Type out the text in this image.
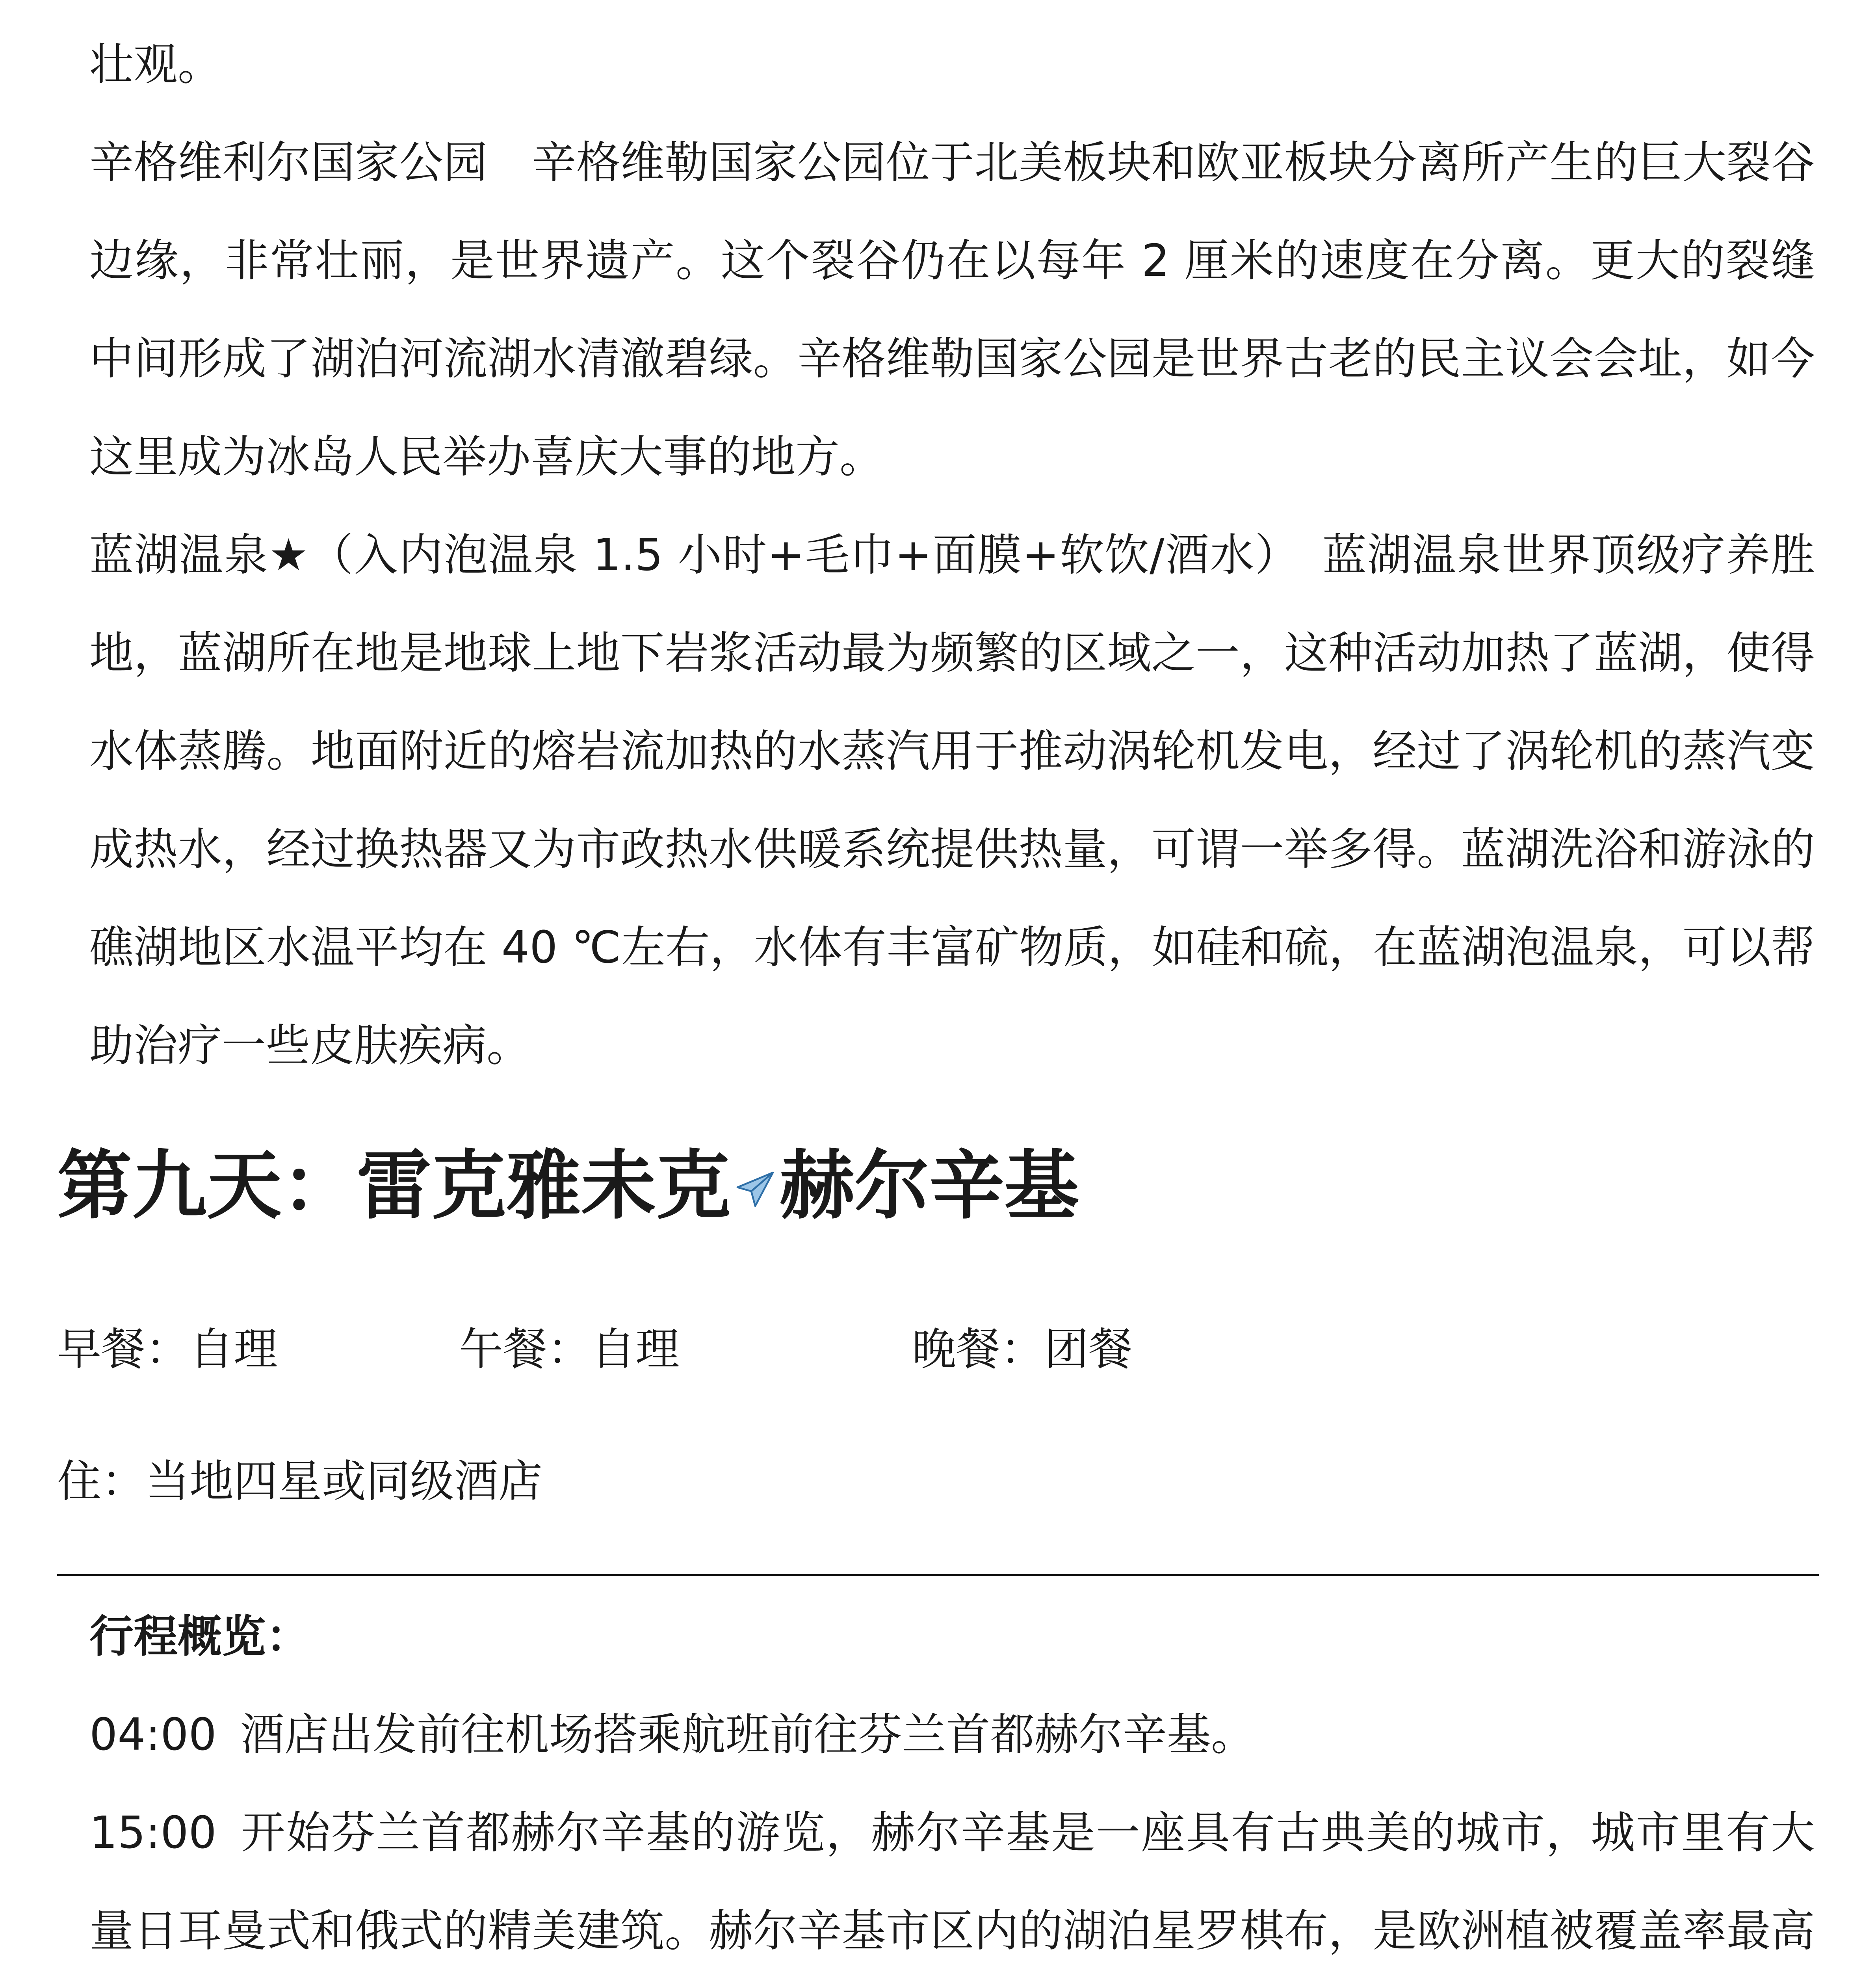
壮观。

辛格维利尔国家公园　辛格维勒国家公园位于北美板块和欧亚板块分离所产生的巨大裂谷边缘，非常壮丽，是世界遗产。这个裂谷仍在以每年 2 厘米的速度在分离。更大的裂缝中间形成了湖泊河流湖水清澈碧绿。辛格维勒国家公园是世界古老的民主议会会址，如今这里成为冰岛人民举办喜庆大事的地方。

蓝湖温泉★（入内泡温泉 1.5 小时+毛巾+面膜+软饮/酒水）　蓝湖温泉世界顶级疗养胜地，蓝湖所在地是地球上地下岩浆活动最为频繁的区域之一，这种活动加热了蓝湖，使得水体蒸腾。地面附近的熔岩流加热的水蒸汽用于推动涡轮机发电，经过了涡轮机的蒸汽变成热水，经过换热器又为市政热水供暖系统提供热量，可谓一举多得。蓝湖洗浴和游泳的礁湖地区水温平均在 40 ℃左右，水体有丰富矿物质，如硅和硫，在蓝湖泡温泉，可以帮助治疗一些皮肤疾病。

第九天：雷克雅未克 赫尔辛基
早餐：自理	午餐：自理	晚餐：团餐
住：当地四星或同级酒店

行程概览：

04:00 酒店出发前往机场搭乘航班前往芬兰首都赫尔辛基。

15:00 开始芬兰首都赫尔辛基的游览，赫尔辛基是一座具有古典美的城市，城市里有大量日耳曼式和俄式的精美建筑。赫尔辛基市区内的湖泊星罗棋布，是欧洲植被覆盖率最高
